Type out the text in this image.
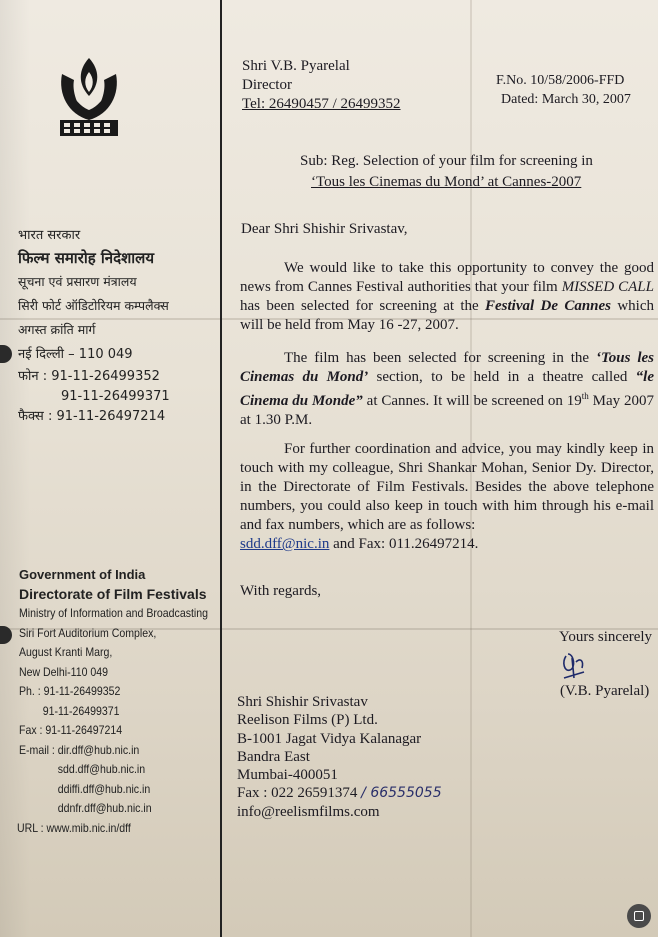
भारत सरकार
फिल्म समारोह निदेशालय
सूचना एवं प्रसारण मंत्रालय
सिरी फोर्ट ऑडिटोरियम कम्पलैक्स
अगस्त क्रांति मार्ग
नई दिल्ली – 110 049
फोन : 91-11-26499352
91-11-26499371
फैक्स : 91-11-26497214
Government of India
Directorate of Film Festivals
Ministry of Information and Broadcasting
Siri Fort Auditorium Complex,
August Kranti Marg,
New Delhi-110 049
Ph. : 91-11-26499352
91-11-26499371
Fax : 91-11-26497214
E-mail : dir.dff@hub.nic.in
sdd.dff@hub.nic.in
ddiffi.dff@hub.nic.in
ddnfr.dff@hub.nic.in
URL : www.mib.nic.in/dff
Shri V.B. Pyarelal
Director
Tel: 26490457 / 26499352
F.No. 10/58/2006-FFD
Dated: March 30, 2007
Sub: Reg. Selection of your film for screening in
‘Tous les Cinemas du Mond’ at Cannes-2007
Dear Shri Shishir Srivastav,
We would like to take this opportunity to convey the good news from Cannes Festival authorities that your film MISSED CALL has been selected for screening at the Festival De Cannes which will be held from May 16 -27, 2007.
The film has been selected for screening in the ‘Tous les Cinemas du Mond’ section, to be held in a theatre called “le Cinema du Monde” at Cannes. It will be screened on 19th May 2007 at 1.30 P.M.
For further coordination and advice, you may kindly keep in touch with my colleague, Shri Shankar Mohan, Senior Dy. Director, in the Directorate of Film Festivals. Besides the above telephone numbers, you could also keep in touch with him through his e-mail and fax numbers, which are as follows:
sdd.dff@nic.in and Fax: 011.26497214.
With regards,
Yours sincerely
(V.B. Pyarelal)
Shri Shishir Srivastav
Reelison Films (P) Ltd.
B-1001 Jagat Vidya Kalanagar
Bandra East
Mumbai-400051
Fax : 022 26591374 / 66555055
info@reelismfilms.com
